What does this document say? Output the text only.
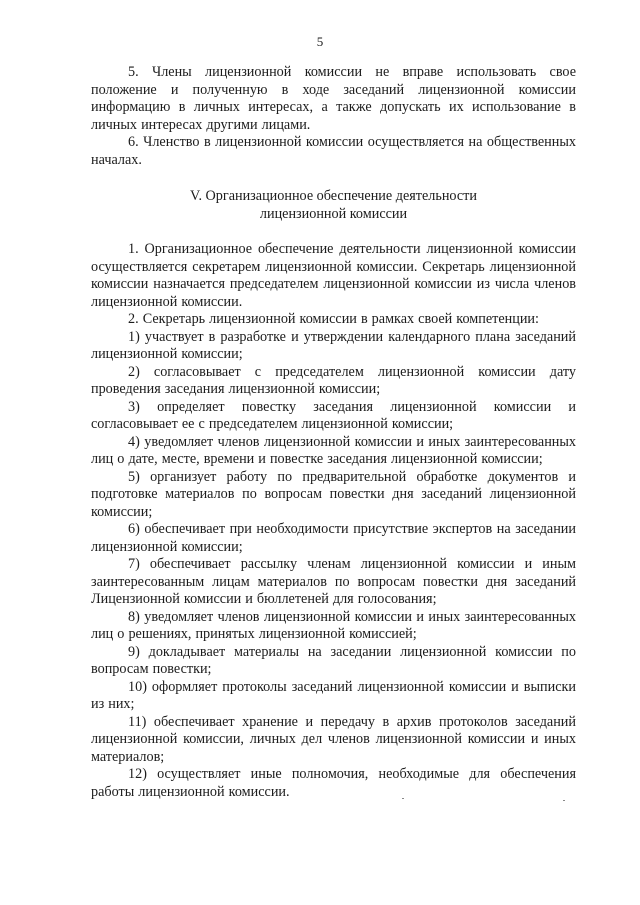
5

5. Члены лицензионной комиссии не вправе использовать свое положение и полученную в ходе заседаний лицензионной комиссии информацию в личных интересах, а также допускать их использование в личных интересах другими лицами.

6. Членство в лицензионной комиссии осуществляется на общественных началах.

V. Организационное обеспечение деятельности
лицензионной комиссии

1. Организационное обеспечение деятельности лицензионной комиссии осуществляется секретарем лицензионной комиссии. Секретарь лицензионной комиссии назначается председателем лицензионной комиссии из числа членов лицензионной комиссии.

2. Секретарь лицензионной комиссии в рамках своей компетенции:

1) участвует в разработке и утверждении календарного плана заседаний лицензионной комиссии;

2) согласовывает с председателем лицензионной комиссии дату проведения заседания лицензионной комиссии;

3) определяет повестку заседания лицензионной комиссии и согласовывает ее с председателем лицензионной комиссии;

4) уведомляет членов лицензионной комиссии и иных заинтересованных лиц о дате, месте, времени и повестке заседания лицензионной комиссии;

5) организует работу по предварительной обработке документов и подготовке материалов по вопросам повестки дня заседаний лицензионной комиссии;

6) обеспечивает при необходимости присутствие экспертов на заседании лицензионной комиссии;

7) обеспечивает рассылку членам лицензионной комиссии и иным заинтересованным лицам материалов по вопросам повестки дня заседаний Лицензионной комиссии и бюллетеней для голосования;

8) уведомляет членов лицензионной комиссии и иных заинтересованных лиц о решениях, принятых лицензионной комиссией;

9) докладывает материалы на заседании лицензионной комиссии по вопросам повестки;

10) оформляет протоколы заседаний лицензионной комиссии и выписки из них;

11) обеспечивает хранение и передачу в архив протоколов заседаний лицензионной комиссии, личных дел членов лицензионной комиссии и иных материалов;

12) осуществляет иные полномочия, необходимые для обеспечения работы лицензионной комиссии.
